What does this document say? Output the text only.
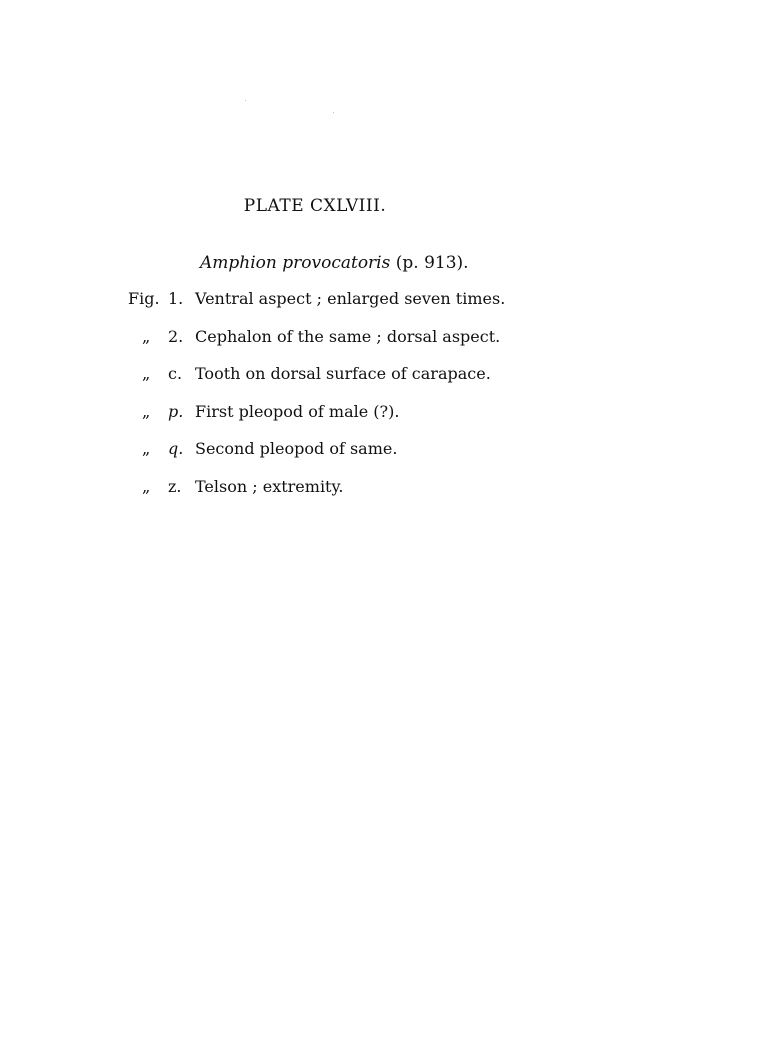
PLATE CXLVIII.
Amphion provocatoris (p. 913).
Fig. 1. Ventral aspect ; enlarged seven times.
„	2. Cephalon of the same ; dorsal aspect.
„	c. Tooth on dorsal surface of carapace.
„	p. First pleopod of male (?).
„	q. Second pleopod of same.
„	z. Telson ; extremity.
